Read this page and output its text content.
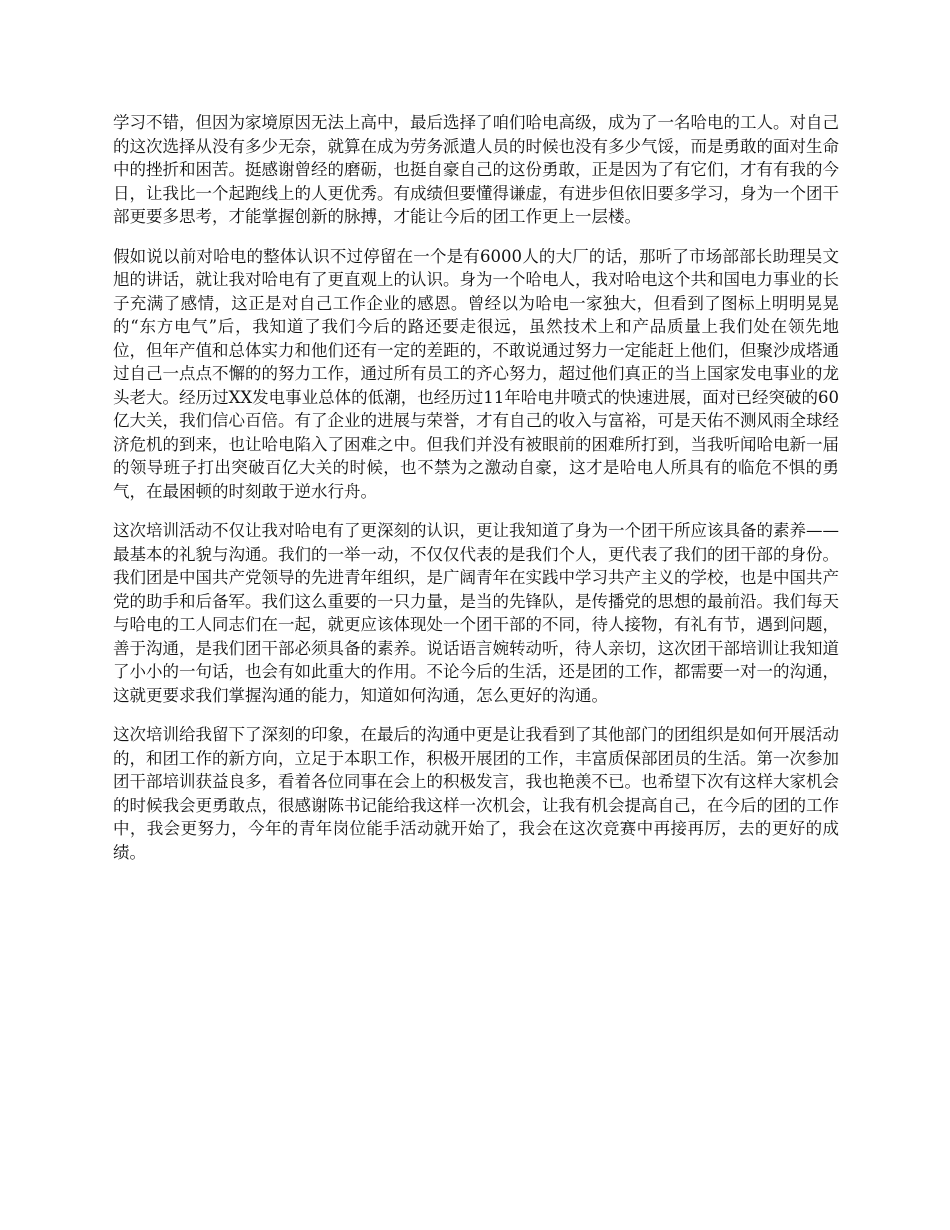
学习不错，但因为家境原因无法上高中，最后选择了咱们哈电高级，成为了一名哈电的工人。对自己的这次选择从没有多少无奈，就算在成为劳务派遣人员的时候也没有多少气馁，而是勇敢的面对生命中的挫折和困苦。挺感谢曾经的磨砺，也挺自豪自己的这份勇敢，正是因为了有它们，才有有我的今日，让我比一个起跑线上的人更优秀。有成绩但要懂得谦虚，有进步但依旧要多学习，身为一个团干部更要多思考，才能掌握创新的脉搏，才能让今后的团工作更上一层楼。

假如说以前对哈电的整体认识不过停留在一个是有6000人的大厂的话，那听了市场部部长助理吴文旭的讲话，就让我对哈电有了更直观上的认识。身为一个哈电人，我对哈电这个共和国电力事业的长子充满了感情，这正是对自己工作企业的感恩。曾经以为哈电一家独大，但看到了图标上明明晃晃的“东方电气”后，我知道了我们今后的路还要走很远，虽然技术上和产品质量上我们处在领先地位，但年产值和总体实力和他们还有一定的差距的，不敢说通过努力一定能赶上他们，但聚沙成塔通过自己一点点不懈的的努力工作，通过所有员工的齐心努力，超过他们真正的当上国家发电事业的龙头老大。经历过XX发电事业总体的低潮，也经历过11年哈电井喷式的快速进展，面对已经突破的60亿大关，我们信心百倍。有了企业的进展与荣誉，才有自己的收入与富裕，可是天佑不测风雨全球经济危机的到来，也让哈电陷入了困难之中。但我们并没有被眼前的困难所打到，当我听闻哈电新一届的领导班子打出突破百亿大关的时候，也不禁为之激动自豪，这才是哈电人所具有的临危不惧的勇气，在最困顿的时刻敢于逆水行舟。

这次培训活动不仅让我对哈电有了更深刻的认识，更让我知道了身为一个团干所应该具备的素养——最基本的礼貌与沟通。我们的一举一动，不仅仅代表的是我们个人，更代表了我们的团干部的身份。我们团是中国共产党领导的先进青年组织，是广阔青年在实践中学习共产主义的学校，也是中国共产党的助手和后备军。我们这么重要的一只力量，是当的先锋队，是传播党的思想的最前沿。我们每天与哈电的工人同志们在一起，就更应该体现处一个团干部的不同，待人接物，有礼有节，遇到问题，善于沟通，是我们团干部必须具备的素养。说话语言婉转动听，待人亲切，这次团干部培训让我知道了小小的一句话，也会有如此重大的作用。不论今后的生活，还是团的工作，都需要一对一的沟通，这就更要求我们掌握沟通的能力，知道如何沟通，怎么更好的沟通。

这次培训给我留下了深刻的印象，在最后的沟通中更是让我看到了其他部门的团组织是如何开展活动的，和团工作的新方向，立足于本职工作，积极开展团的工作，丰富质保部团员的生活。第一次参加团干部培训获益良多，看着各位同事在会上的积极发言，我也艳羡不已。也希望下次有这样大家机会的时候我会更勇敢点，很感谢陈书记能给我这样一次机会，让我有机会提高自己，在今后的团的工作中，我会更努力，今年的青年岗位能手活动就开始了，我会在这次竞赛中再接再厉，去的更好的成绩。
